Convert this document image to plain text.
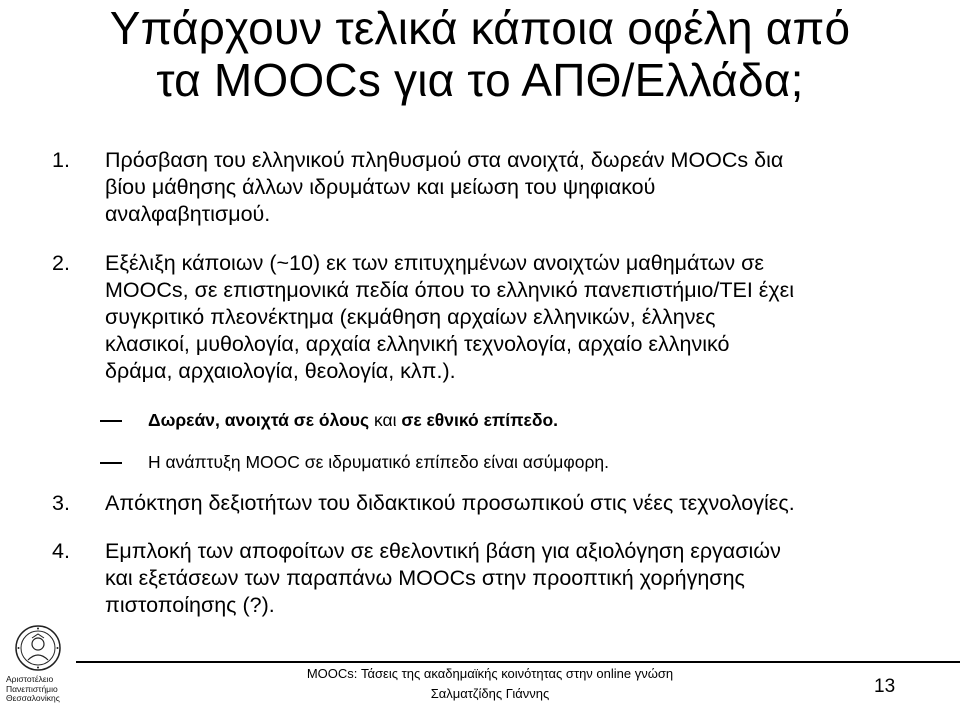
Υπάρχουν τελικά κάποια οφέλη από
τα MOOCs για το ΑΠΘ/Ελλάδα;
1. Πρόσβαση του ελληνικού πληθυσμού στα ανοιχτά, δωρεάν MOOCs δια
βίου μάθησης άλλων ιδρυμάτων και μείωση του ψηφιακού
αναλφαβητισμού.
2. Εξέλιξη κάποιων (~10) εκ των επιτυχημένων ανοιχτών μαθημάτων σε
MOOCs, σε επιστημονικά πεδία όπου το ελληνικό πανεπιστήμιο/ΤΕΙ έχει
συγκριτικό πλεονέκτημα (εκμάθηση αρχαίων ελληνικών, έλληνες
κλασικοί, μυθολογία, αρχαία ελληνική τεχνολογία, αρχαίο ελληνικό
δράμα, αρχαιολογία, θεολογία, κλπ.).
Δωρεάν, ανοιχτά σε όλους και σε εθνικό επίπεδο.
Η ανάπτυξη MOOC σε ιδρυματικό επίπεδο είναι ασύμφορη.
3. Απόκτηση δεξιοτήτων του διδακτικού προσωπικού στις νέες τεχνολογίες.
4. Εμπλοκή των αποφοίτων σε εθελοντική βάση για αξιολόγηση εργασιών
και εξετάσεων των παραπάνω MOOCs στην προοπτική χορήγησης
πιστοποίησης (?).
Αριστοτέλειο
Πανεπιστήμιο
Θεσσαλονίκης
MOOCs: Τάσεις της ακαδημαϊκής κοινότητας στην online γνώση
Σαλματζίδης Γιάννης	13
